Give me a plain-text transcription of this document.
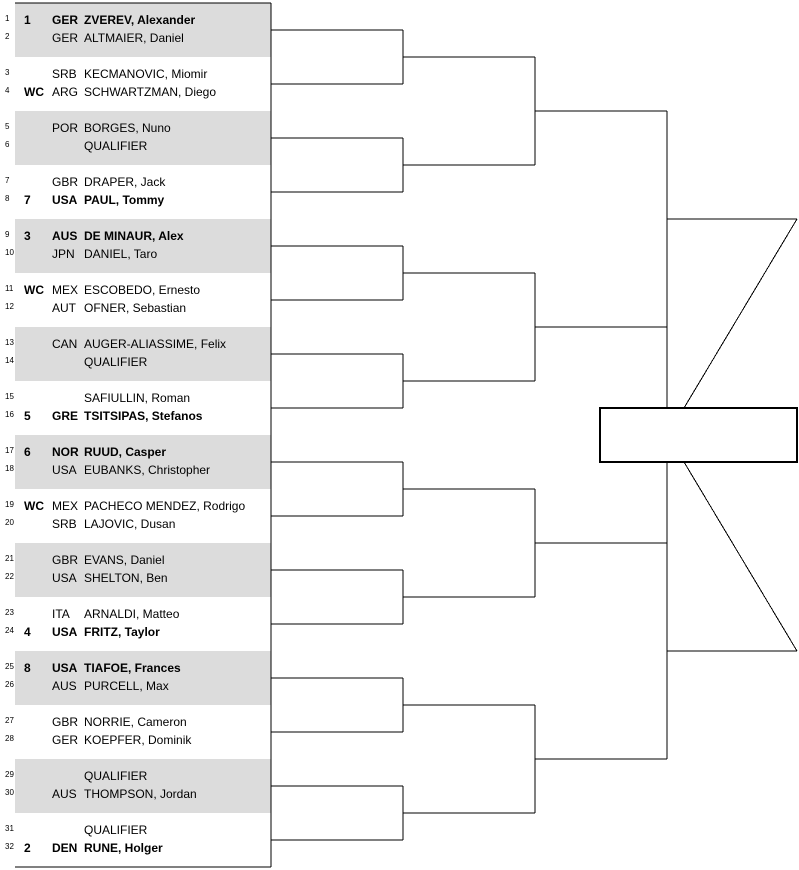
1 1 GER ZVEREV, Alexander
2	GER ALTMAIER, Daniel
3	SRB KECMANOVIC, Miomir
4 WC ARG SCHWARTZMAN, Diego
5	POR BORGES, Nuno
6	QUALIFIER
7	GBR DRAPER, Jack
8 7 USA PAUL, Tommy
9 3 AUS DE MINAUR, Alex
10	JPN DANIEL, Taro
11 WC MEX ESCOBEDO, Ernesto
12	AUT OFNER, Sebastian
13	CAN AUGER-ALIASSIME, Felix
14	QUALIFIER
15	SAFIULLIN, Roman
16 5 GRE TSITSIPAS, Stefanos
17 6 NOR RUUD, Casper
18	USA EUBANKS, Christopher
19 WC MEX PACHECO MENDEZ, Rodrigo
20	SRB LAJOVIC, Dusan
21	GBR EVANS, Daniel
22	USA SHELTON, Ben
23	ITA ARNALDI, Matteo
24 4 USA FRITZ, Taylor
25 8 USA TIAFOE, Frances
26	AUS PURCELL, Max
27	GBR NORRIE, Cameron
28	GER KOEPFER, Dominik
29	QUALIFIER
30	AUS THOMPSON, Jordan
31	QUALIFIER
32 2 DEN RUNE, Holger
